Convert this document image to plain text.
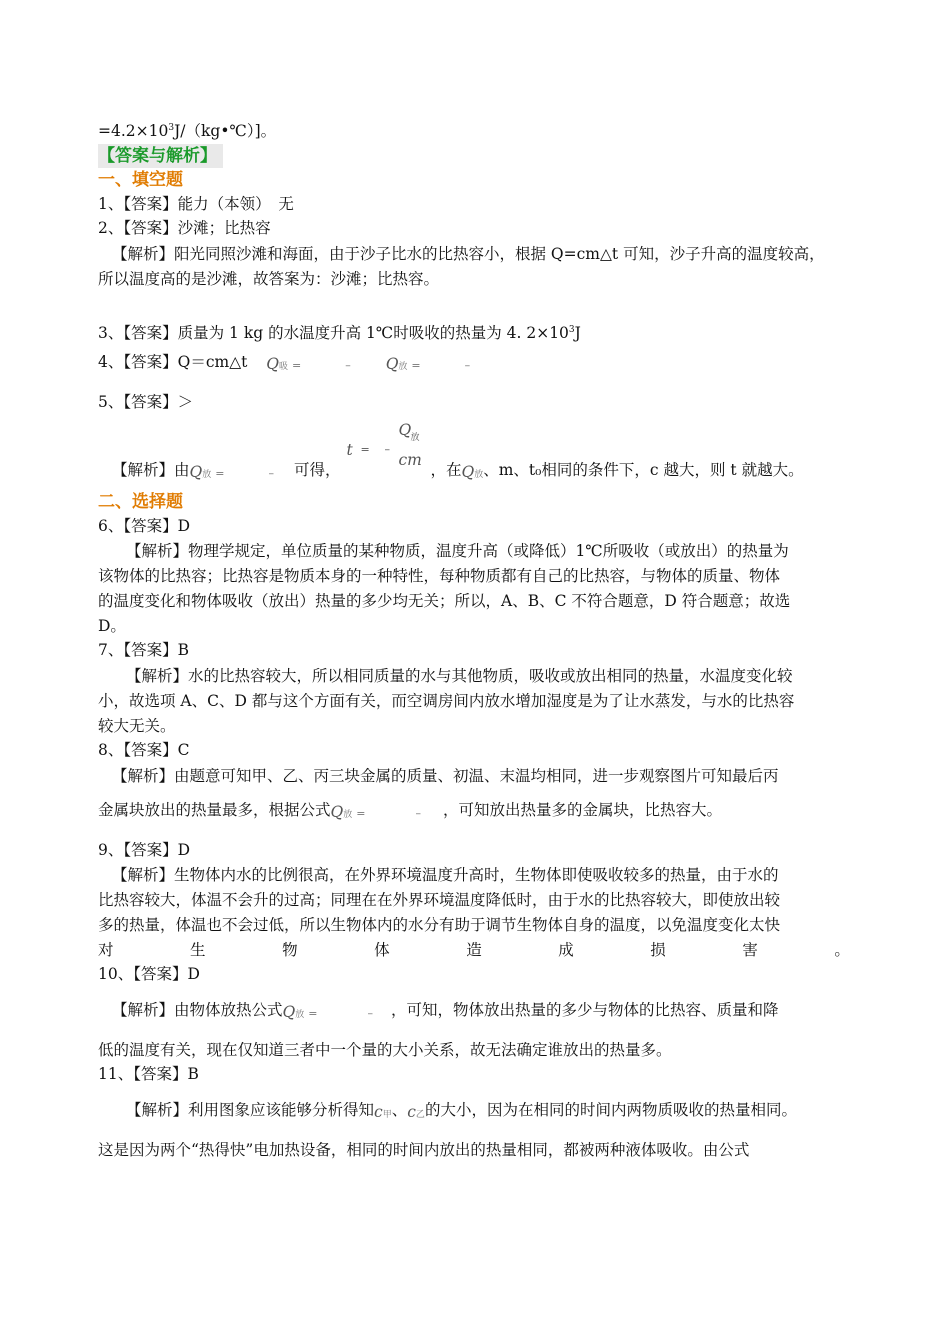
$=4.2\times 10^3J/(kg•℃)$]。
【答案与解析】
一、填空题
1、【答案】能力（本领）　无
2、【答案】沙滩；比热容
【解析】阳光同照沙滩和海面，由于沙子比水的比热容小，根据 Q=cm△t 可知，沙子升高的温度较高，
所以温度高的是沙滩，故答案为：沙滩；比热容。
3、【答案】质量为 1 kg 的水温度升高 1℃时吸收的热量为 4. $2\times 10^3J$
4、【答案】Q＝cm△t Q吸 =	– Q放 =	–
5、【答案】＞
【解析】由Q放 =	– 可得，
t = –
Q 放
cm
，在Q放、m、t₀相同的条件下，c 越大，则 t 就越大。
二、选择题
6、【答案】D
【解析】物理学规定，单位质量的某种物质，温度升高（或降低）1℃所吸收（或放出）的热量为
该物体的比热容；比热容是物质本身的一种特性，每种物质都有自己的比热容，与物体的质量、物体
的温度变化和物体吸收（放出）热量的多少均无关；所以，A、B、C 不符合题意，D 符合题意；故选
D。
7、【答案】B
【解析】水的比热容较大，所以相同质量的水与其他物质，吸收或放出相同的热量，水温度变化较
小，故选项 A、C、D 都与这个方面有关，而空调房间内放水增加湿度是为了让水蒸发，与水的比热容
较大无关。
8、【答案】C
【解析】由题意可知甲、乙、丙三块金属的质量、初温、末温均相同，进一步观察图片可知最后丙
金属块放出的热量最多，根据公式Q放 =	– ，可知放出热量多的金属块，比热容大。
9、【答案】D
【解析】生物体内水的比例很高，在外界环境温度升高时，生物体即使吸收较多的热量，由于水的
比热容较大，体温不会升的过高；同理在在外界环境温度降低时，由于水的比热容较大，即使放出较
多的热量，体温也不会过低，所以生物体内的水分有助于调节生物体自身的温度，以免温度变化太快
对	生	物	体	造	成	损	害	。
10、【答案】D
【解析】由物体放热公式Q放 =	– ，可知，物体放出热量的多少与物体的比热容、质量和降
低的温度有关，现在仅知道三者中一个量的大小关系，故无法确定谁放出的热量多。
11、【答案】B
【解析】利用图象应该能够分析得知c甲、c乙的大小，因为在相同的时间内两物质吸收的热量相同。
这是因为两个“热得快”电加热设备，相同的时间内放出的热量相同，都被两种液体吸收。由公式
